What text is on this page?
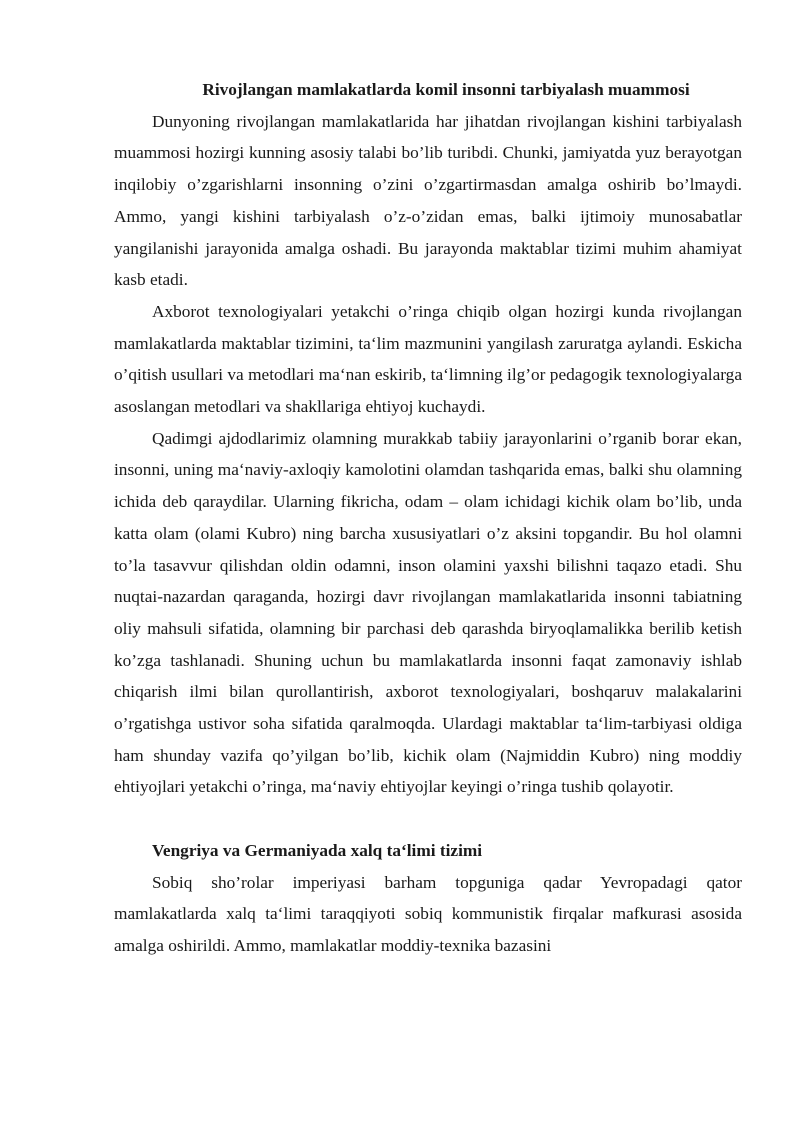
Rivojlangan mamlakatlarda komil insonni tarbiyalash muammosi

Dunyoning rivojlangan mamlakatlarida har jihatdan rivojlangan kishini tarbiyalash muammosi hozirgi kunning asosiy talabi bo’lib turibdi. Chunki, jamiyatda yuz berayotgan inqilobiy o’zgarishlarni insonning o’zini o’zgartirmasdan amalga oshirib bo’lmaydi. Ammo, yangi kishini tarbiyalash o’z-o’zidan emas, balki ijtimoiy munosabatlar yangilanishi jarayonida amalga oshadi. Bu jarayonda maktablar tizimi muhim ahamiyat kasb etadi.

Axborot texnologiyalari yetakchi o’ringa chiqib olgan hozirgi kunda rivojlangan mamlakatlarda maktablar tizimini, ta‘lim mazmunini yangilash zaruratga aylandi. Eskicha o’qitish usullari va metodlari ma‘nan eskirib, ta‘limning ilg’or pedagogik texnologiyalarga asoslangan metodlari va shakllariga ehtiyoj kuchaydi.

Qadimgi ajdodlarimiz olamning murakkab tabiiy jarayonlarini o’rganib borar ekan, insonni, uning ma‘naviy-axloqiy kamolotini olamdan tashqarida emas, balki shu olamning ichida deb qaraydilar. Ularning fikricha, odam – olam ichidagi kichik olam bo’lib, unda katta olam (olami Kubro) ning barcha xususiyatlari o’z aksini topgandir. Bu hol olamni to’la tasavvur qilishdan oldin odamni, inson olamini yaxshi bilishni taqazo etadi. Shu nuqtai-nazardan qaraganda, hozirgi davr rivojlangan mamlakatlarida insonni tabiatning oliy mahsuli sifatida, olamning bir parchasi deb qarashda biryoqlamalikka berilib ketish ko’zga tashlanadi. Shuning uchun bu mamlakatlarda insonni faqat zamonaviy ishlab chiqarish ilmi bilan qurollantirish, axborot texnologiyalari, boshqaruv malakalarini o’rgatishga ustivor soha sifatida qaralmoqda. Ulardagi maktablar ta‘lim-tarbiyasi oldiga ham shunday vazifa qo’yilgan bo’lib, kichik olam (Najmiddin Kubro) ning moddiy ehtiyojlari yetakchi o’ringa, ma‘naviy ehtiyojlar keyingi o’ringa tushib qolayotir.

Vengriya va Germaniyada xalq ta‘limi tizimi

Sobiq sho’rolar imperiyasi barham topguniga qadar Yevropadagi qator mamlakatlarda xalq ta‘limi taraqqiyoti sobiq kommunistik firqalar mafkurasi asosida amalga oshirildi. Ammo, mamlakatlar moddiy-texnika bazasini
